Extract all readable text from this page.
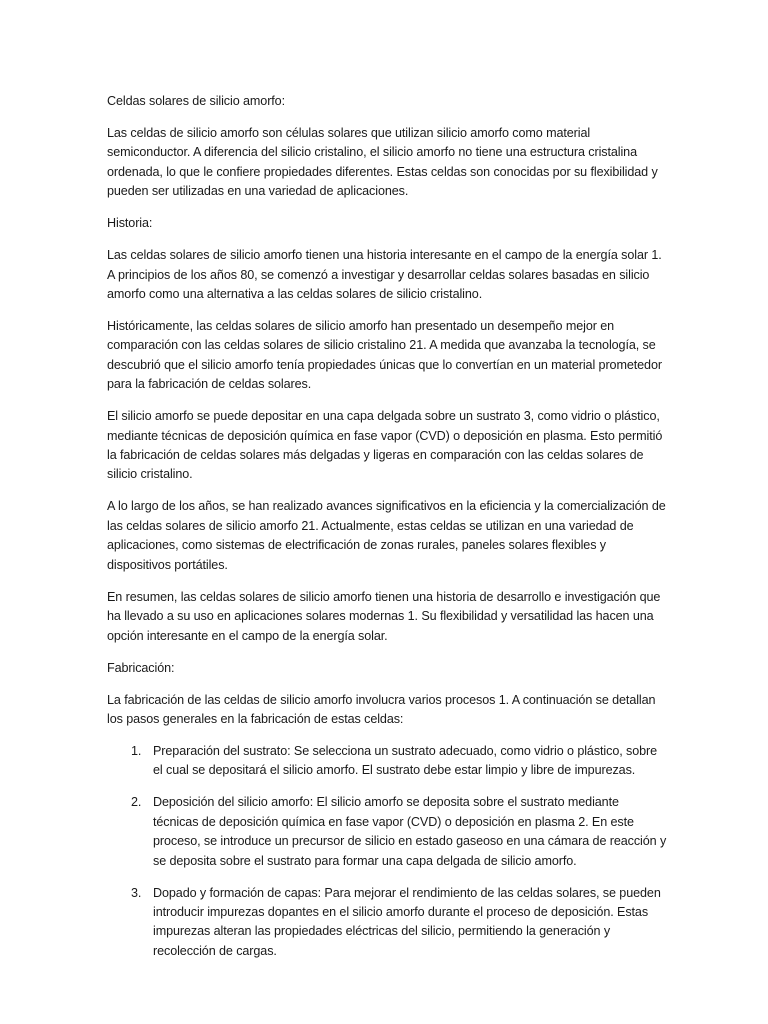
Celdas solares de silicio amorfo:

Las celdas de silicio amorfo son células solares que utilizan silicio amorfo como material semiconductor. A diferencia del silicio cristalino, el silicio amorfo no tiene una estructura cristalina ordenada, lo que le confiere propiedades diferentes. Estas celdas son conocidas por su flexibilidad y pueden ser utilizadas en una variedad de aplicaciones.

Historia:

Las celdas solares de silicio amorfo tienen una historia interesante en el campo de la energía solar 1. A principios de los años 80, se comenzó a investigar y desarrollar celdas solares basadas en silicio amorfo como una alternativa a las celdas solares de silicio cristalino.

Históricamente, las celdas solares de silicio amorfo han presentado un desempeño mejor en comparación con las celdas solares de silicio cristalino 21. A medida que avanzaba la tecnología, se descubrió que el silicio amorfo tenía propiedades únicas que lo convertían en un material prometedor para la fabricación de celdas solares.

El silicio amorfo se puede depositar en una capa delgada sobre un sustrato 3, como vidrio o plástico, mediante técnicas de deposición química en fase vapor (CVD) o deposición en plasma. Esto permitió la fabricación de celdas solares más delgadas y ligeras en comparación con las celdas solares de silicio cristalino.

A lo largo de los años, se han realizado avances significativos en la eficiencia y la comercialización de las celdas solares de silicio amorfo 21. Actualmente, estas celdas se utilizan en una variedad de aplicaciones, como sistemas de electrificación de zonas rurales, paneles solares flexibles y dispositivos portátiles.

En resumen, las celdas solares de silicio amorfo tienen una historia de desarrollo e investigación que ha llevado a su uso en aplicaciones solares modernas 1. Su flexibilidad y versatilidad las hacen una opción interesante en el campo de la energía solar.

Fabricación:

La fabricación de las celdas de silicio amorfo involucra varios procesos 1. A continuación se detallan los pasos generales en la fabricación de estas celdas:

1. Preparación del sustrato: Se selecciona un sustrato adecuado, como vidrio o plástico, sobre el cual se depositará el silicio amorfo. El sustrato debe estar limpio y libre de impurezas.
2. Deposición del silicio amorfo: El silicio amorfo se deposita sobre el sustrato mediante técnicas de deposición química en fase vapor (CVD) o deposición en plasma 2. En este proceso, se introduce un precursor de silicio en estado gaseoso en una cámara de reacción y se deposita sobre el sustrato para formar una capa delgada de silicio amorfo.
3. Dopado y formación de capas: Para mejorar el rendimiento de las celdas solares, se pueden introducir impurezas dopantes en el silicio amorfo durante el proceso de deposición. Estas impurezas alteran las propiedades eléctricas del silicio, permitiendo la generación y recolección de cargas.
